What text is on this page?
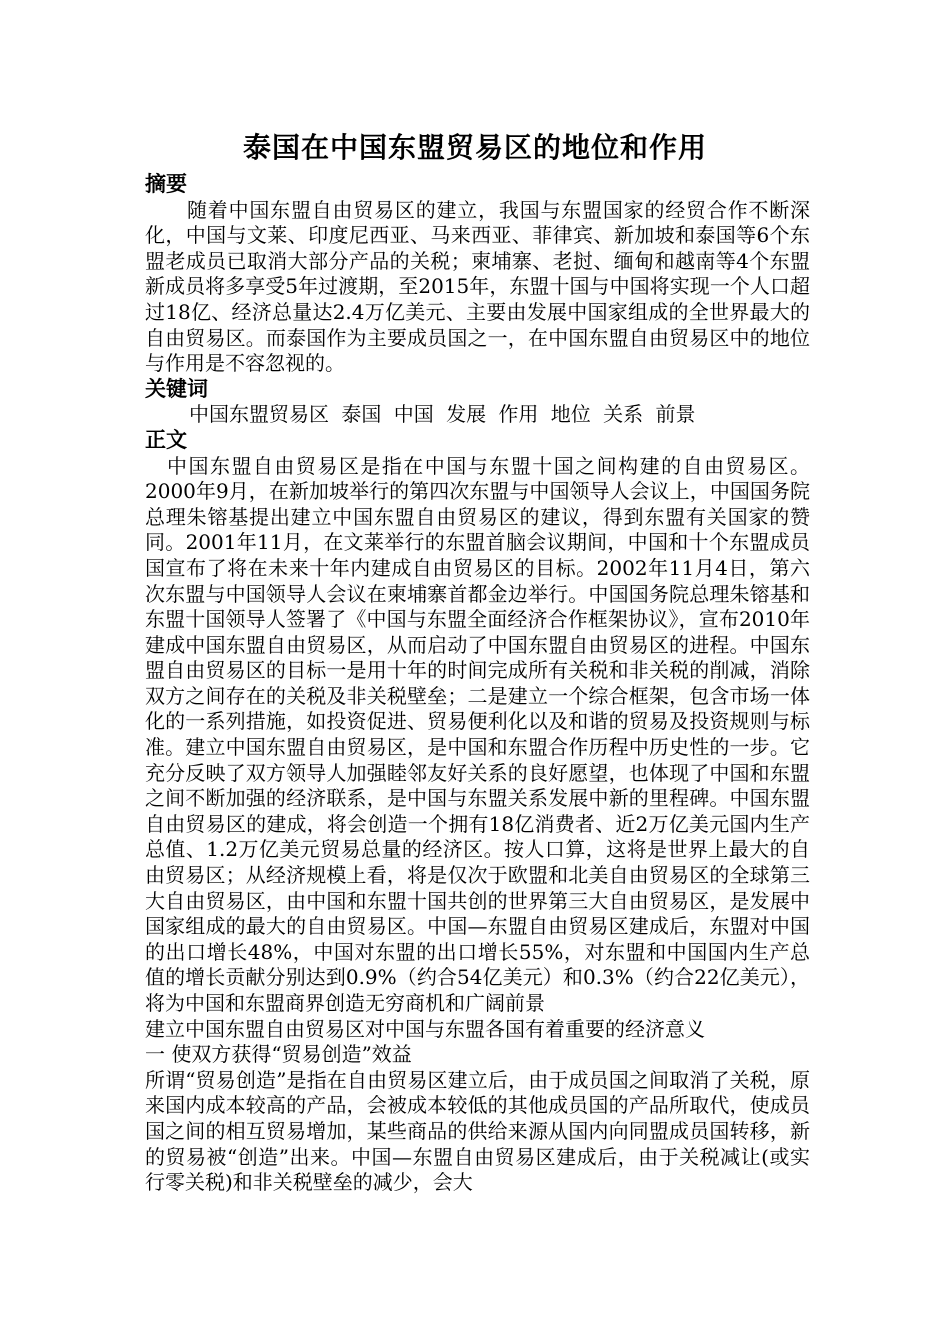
泰国在中国东盟贸易区的地位和作用

摘要

随着中国东盟自由贸易区的建立，我国与东盟国家的经贸合作不断深化，中国与文莱、印度尼西亚、马来西亚、菲律宾、新加坡和泰国等6个东盟老成员已取消大部分产品的关税；柬埔寨、老挝、缅甸和越南等4个东盟新成员将多享受5年过渡期，至2015年，东盟十国与中国将实现一个人口超过18亿、经济总量达2.4万亿美元、主要由发展中国家组成的全世界最大的自由贸易区。而泰国作为主要成员国之一，在中国东盟自由贸易区中的地位与作用是不容忽视的。

关键词

中国东盟贸易区 泰国 中国 发展 作用 地位 关系 前景

正文

中国东盟自由贸易区是指在中国与东盟十国之间构建的自由贸易区。 2000年9月，在新加坡举行的第四次东盟与中国领导人会议上，中国国务院总理朱镕基提出建立中国东盟自由贸易区的建议，得到东盟有关国家的赞同。2001年11月，在文莱举行的东盟首脑会议期间，中国和十个东盟成员国宣布了将在未来十年内建成自由贸易区的目标。2002年11月4日，第六次东盟与中国领导人会议在柬埔寨首都金边举行。中国国务院总理朱镕基和东盟十国领导人签署了《中国与东盟全面经济合作框架协议》，宣布2010年建成中国东盟自由贸易区，从而启动了中国东盟自由贸易区的进程。中国东盟自由贸易区的目标一是用十年的时间完成所有关税和非关税的削减，消除双方之间存在的关税及非关税壁垒；二是建立一个综合框架，包含市场一体化的一系列措施，如投资促进、贸易便利化以及和谐的贸易及投资规则与标准。建立中国东盟自由贸易区，是中国和东盟合作历程中历史性的一步。它充分反映了双方领导人加强睦邻友好关系的良好愿望，也体现了中国和东盟之间不断加强的经济联系，是中国与东盟关系发展中新的里程碑。中国东盟自由贸易区的建成，将会创造一个拥有18亿消费者、近2万亿美元国内生产总值、1.2万亿美元贸易总量的经济区。按人口算，这将是世界上最大的自由贸易区；从经济规模上看，将是仅次于欧盟和北美自由贸易区的全球第三大自由贸易区，由中国和东盟十国共创的世界第三大自由贸易区，是发展中国家组成的最大的自由贸易区。中国—东盟自由贸易区建成后，东盟对中国的出口增长48%，中国对东盟的出口增长55%，对东盟和中国国内生产总值的增长贡献分别达到0.9%（约合54亿美元）和0.3%（约合22亿美元），将为中国和东盟商界创造无穷商机和广阔前景

建立中国东盟自由贸易区对中国与东盟各国有着重要的经济意义

一 使双方获得“贸易创造”效益

所谓“贸易创造”是指在自由贸易区建立后，由于成员国之间取消了关税，原来国内成本较高的产品，会被成本较低的其他成员国的产品所取代，使成员国之间的相互贸易增加，某些商品的供给来源从国内向同盟成员国转移，新的贸易被“创造”出来。中国—东盟自由贸易区建成后，由于关税减让(或实行零关税)和非关税壁垒的减少，会大
